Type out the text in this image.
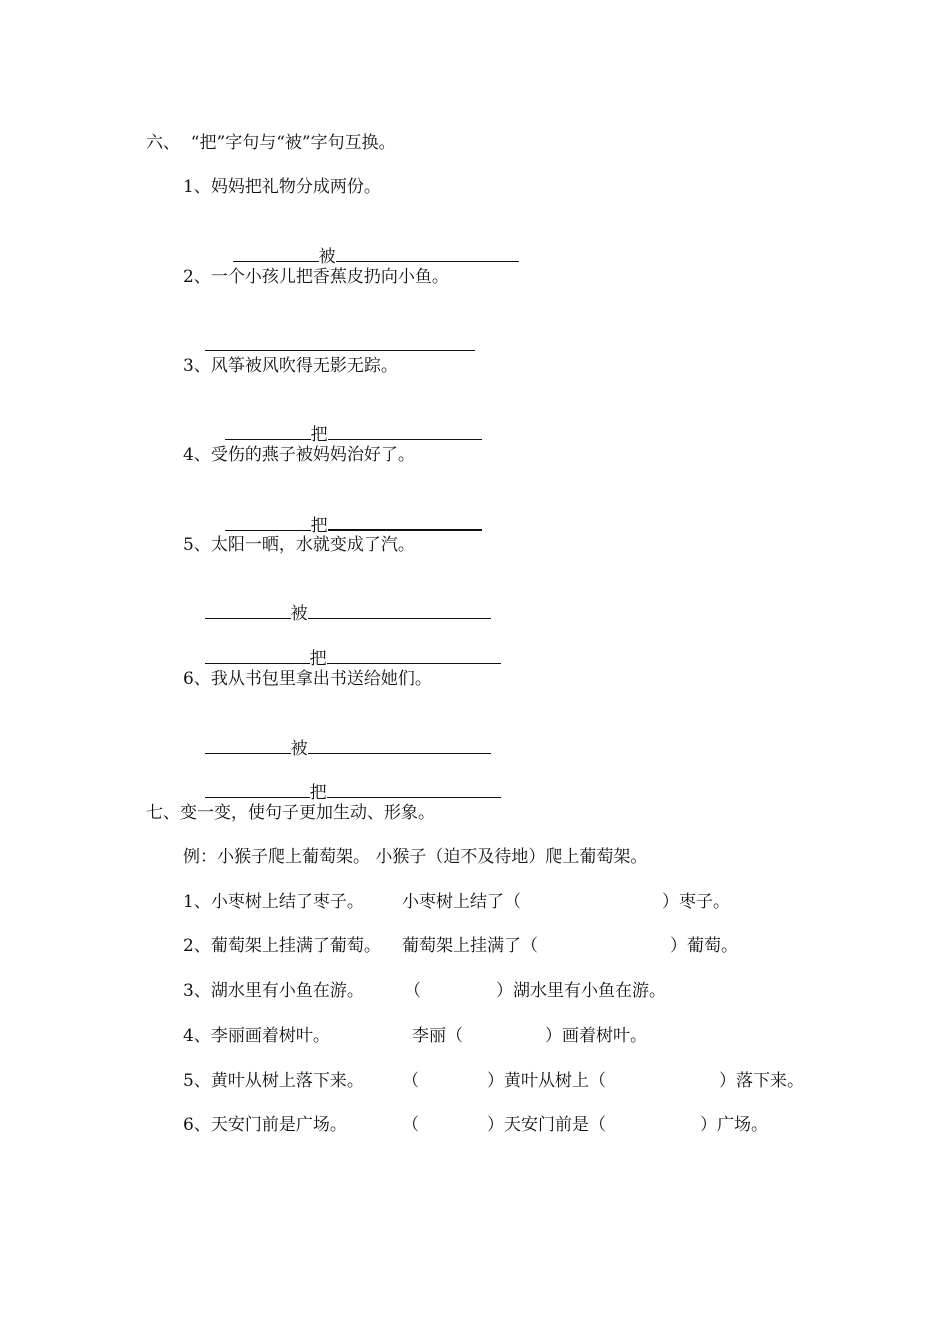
六、  “把”字句与“被”字句互换。
1、妈妈把礼物分成两份。

被

2、一个小孩儿把香蕉皮扔向小鱼。

3、风筝被风吹得无影无踪。

把

4、受伤的燕子被妈妈治好了。

把

5、太阳一晒，水就变成了汽。

被

把

6、我从书包里拿出书送给她们。

被

把

七、变一变，使句子更加生动、形象。
例：小猴子爬上葡萄架。 小猴子（迫不及待地）爬上葡萄架。
1、小枣树上结了枣子。 小枣树上结了（	）枣子。
2、葡萄架上挂满了葡萄。 葡萄架上挂满了（	）葡萄。
3、湖水里有小鱼在游。 （	）湖水里有小鱼在游。
4、李丽画着树叶。	李丽（	）画着树叶。
5、黄叶从树上落下来。 （	）黄叶从树上（	）落下来。
6、天安门前是广场。	（	）天安门前是（	）广场。
